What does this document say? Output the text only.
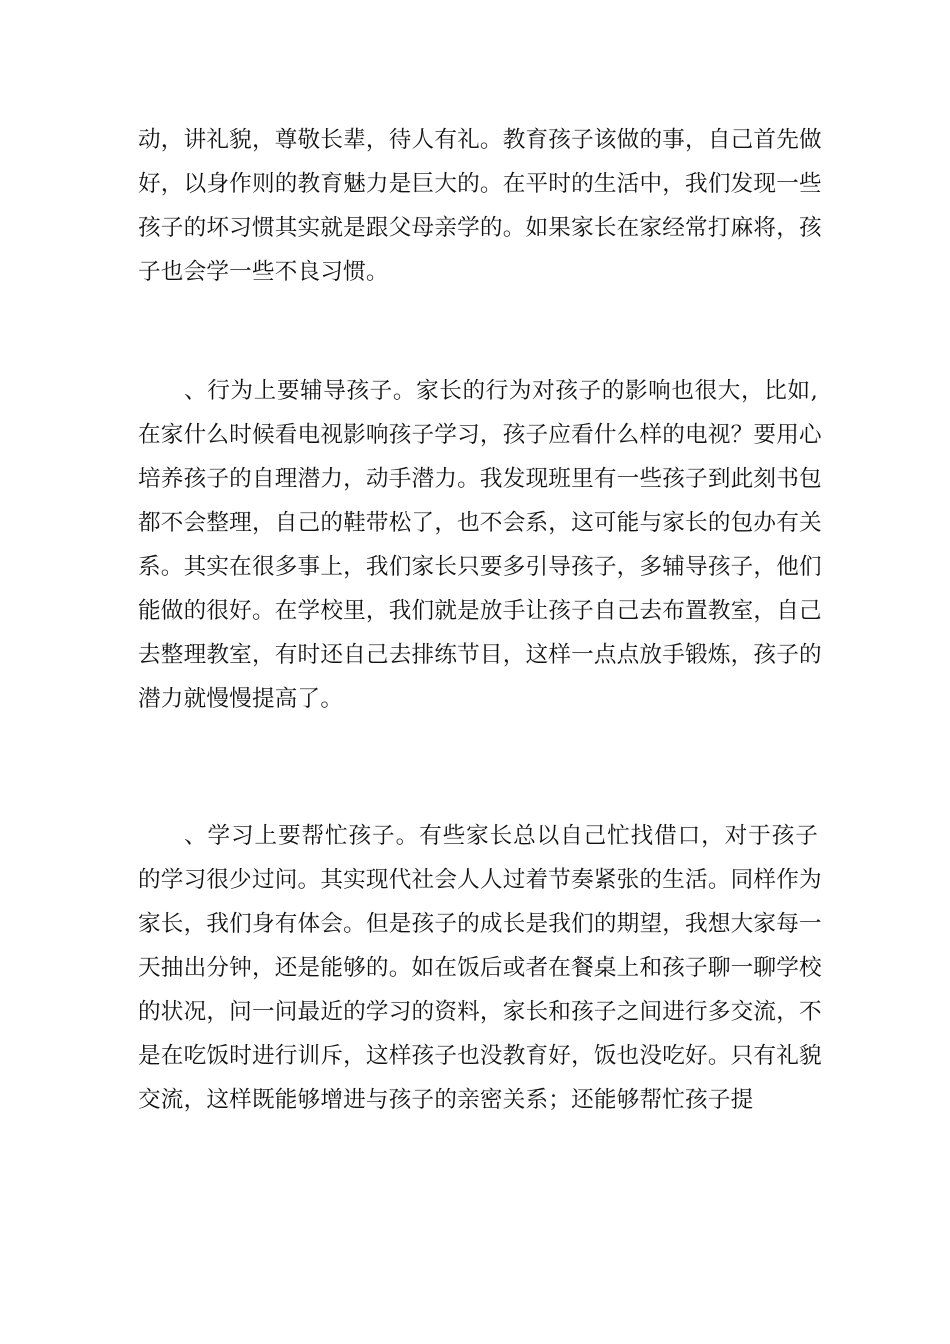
动，讲礼貌，尊敬长辈，待人有礼。教育孩子该做的事，自己首先做
好，以身作则的教育魅力是巨大的。在平时的生活中，我们发现一些
孩子的坏习惯其实就是跟父母亲学的。如果家长在家经常打麻将，孩
子也会学一些不良习惯。
、行为上要辅导孩子。家长的行为对孩子的影响也很大，比如,
在家什么时候看电视影响孩子学习，孩子应看什么样的电视？要用心
培养孩子的自理潜力，动手潜力。我发现班里有一些孩子到此刻书包
都不会整理，自己的鞋带松了，也不会系，这可能与家长的包办有关
系。其实在很多事上，我们家长只要多引导孩子，多辅导孩子，他们
能做的很好。在学校里，我们就是放手让孩子自己去布置教室，自己
去整理教室，有时还自己去排练节目，这样一点点放手锻炼，孩子的
潜力就慢慢提高了。
、学习上要帮忙孩子。有些家长总以自己忙找借口，对于孩子
的学习很少过问。其实现代社会人人过着节奏紧张的生活。同样作为
家长，我们身有体会。但是孩子的成长是我们的期望，我想大家每一
天抽出分钟，还是能够的。如在饭后或者在餐桌上和孩子聊一聊学校
的状况，问一问最近的学习的资料，家长和孩子之间进行多交流，不
是在吃饭时进行训斥，这样孩子也没教育好，饭也没吃好。只有礼貌
交流，这样既能够增进与孩子的亲密关系；还能够帮忙孩子提
